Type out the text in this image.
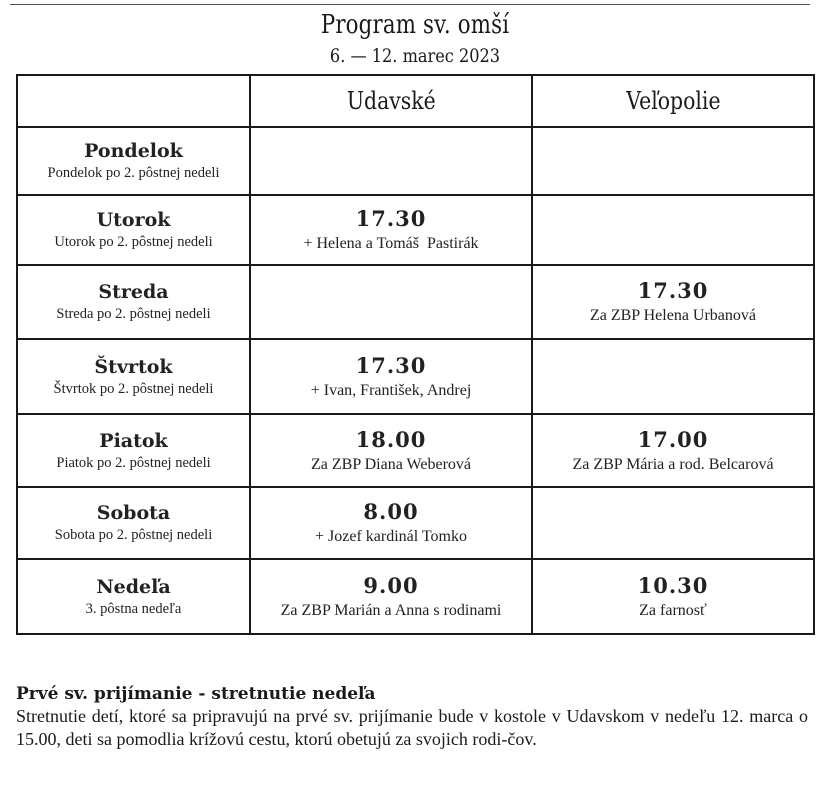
Program sv. omší
6. — 12. marec 2023
	Udavské	Veľopolie

Pondelok
Pondelok po 2. pôstnej nedeli		

Utorok
Utorok po 2. pôstnej nedeli	17.30
+ Helena a Tomáš  Pastirák	

Streda
Streda po 2. pôstnej nedeli		17.30
Za ZBP Helena Urbanová

Štvrtok
Štvrtok po 2. pôstnej nedeli	17.30
+ Ivan, František, Andrej	

Piatok
Piatok po 2. pôstnej nedeli	18.00
Za ZBP Diana Weberová	17.00
Za ZBP Mária a rod. Belcarová

Sobota
Sobota po 2. pôstnej nedeli	8.00
+ Jozef kardinál Tomko	

Nedeľa
3. pôstna nedeľa	9.00
Za ZBP Marián a Anna s rodinami	10.30
Za farnosť
Prvé sv. prijímanie - stretnutie nedeľa
Stretnutie detí, ktoré sa pripravujú na prvé sv. prijímanie bude v kostole v Udavskom v nedeľu 12. marca o 15.00, deti sa pomodlia krížovú cestu, ktorú obetujú za svojich rodi-čov.
